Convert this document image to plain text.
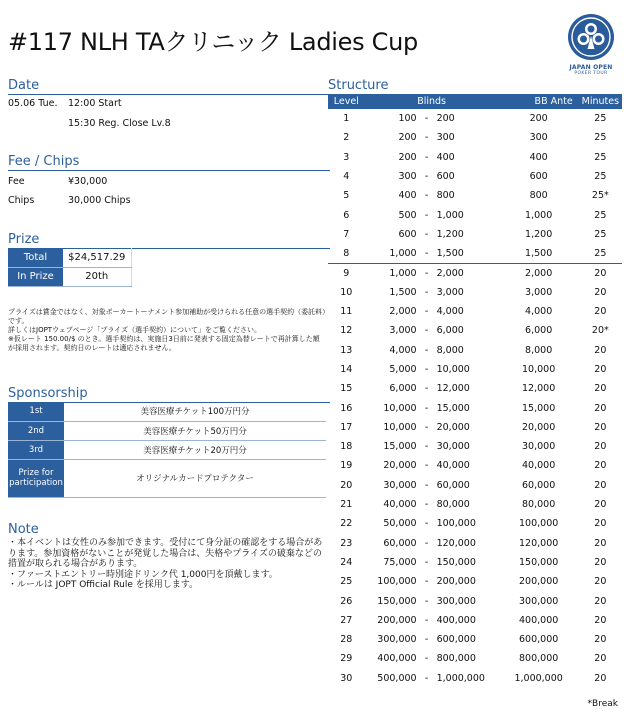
#117 NLH TAクリニック Ladies Cup
JAPAN OPEN
POKER TOUR
Date
05.06 Tue. 12:00 Start
15:30 Reg. Close Lv.8
Fee / Chips
Fee	¥30,000
Chips	30,000 Chips
Prize
Total	$24,517.29
In Prize	20th
プライズは賞金ではなく、対象ポーカートーナメント参加補助が受けられる任意の選手契約（委託料）です。
詳しくはJOPTウェブページ「プライズ（選手契約）について」をご覧ください。
※仮レート 150.00/$ のとき。選手契約は、実施日3日前に発表する固定為替レートで再計算した額が採用されます。契約日のレートは適応されません。
Sponsorship
1st	美容医療チケット100万円分
2nd	美容医療チケット50万円分
3rd	美容医療チケット20万円分
Prize for participation	オリジナルカードプロテクター
Note
・本イベントは女性のみ参加できます。受付にて身分証の確認をする場合があります。参加資格がないことが発覚した場合は、失格やプライズの破棄などの措置が取られる場合があります。
・ファーストエントリー時別途ドリンク代 1,000円を頂戴します。
・ルールは JOPT Official Rule を採用します。
Structure
Level	Blinds	BB Ante	Minutes
1	100 - 200	200	25
2	200 - 300	300	25
3	200 - 400	400	25
4	300 - 600	600	25
5	400 - 800	800	25*
6	500 - 1,000	1,000	25
7	600 - 1,200	1,200	25
8	1,000 - 1,500	1,500	25
9	1,000 - 2,000	2,000	20
10	1,500 - 3,000	3,000	20
11	2,000 - 4,000	4,000	20
12	3,000 - 6,000	6,000	20*
13	4,000 - 8,000	8,000	20
14	5,000 - 10,000	10,000	20
15	6,000 - 12,000	12,000	20
16	10,000 - 15,000	15,000	20
17	10,000 - 20,000	20,000	20
18	15,000 - 30,000	30,000	20
19	20,000 - 40,000	40,000	20
20	30,000 - 60,000	60,000	20
21	40,000 - 80,000	80,000	20
22	50,000 - 100,000	100,000	20
23	60,000 - 120,000	120,000	20
24	75,000 - 150,000	150,000	20
25	100,000 - 200,000	200,000	20
26	150,000 - 300,000	300,000	20
27	200,000 - 400,000	400,000	20
28	300,000 - 600,000	600,000	20
29	400,000 - 800,000	800,000	20
30	500,000 - 1,000,000	1,000,000	20
*Break
